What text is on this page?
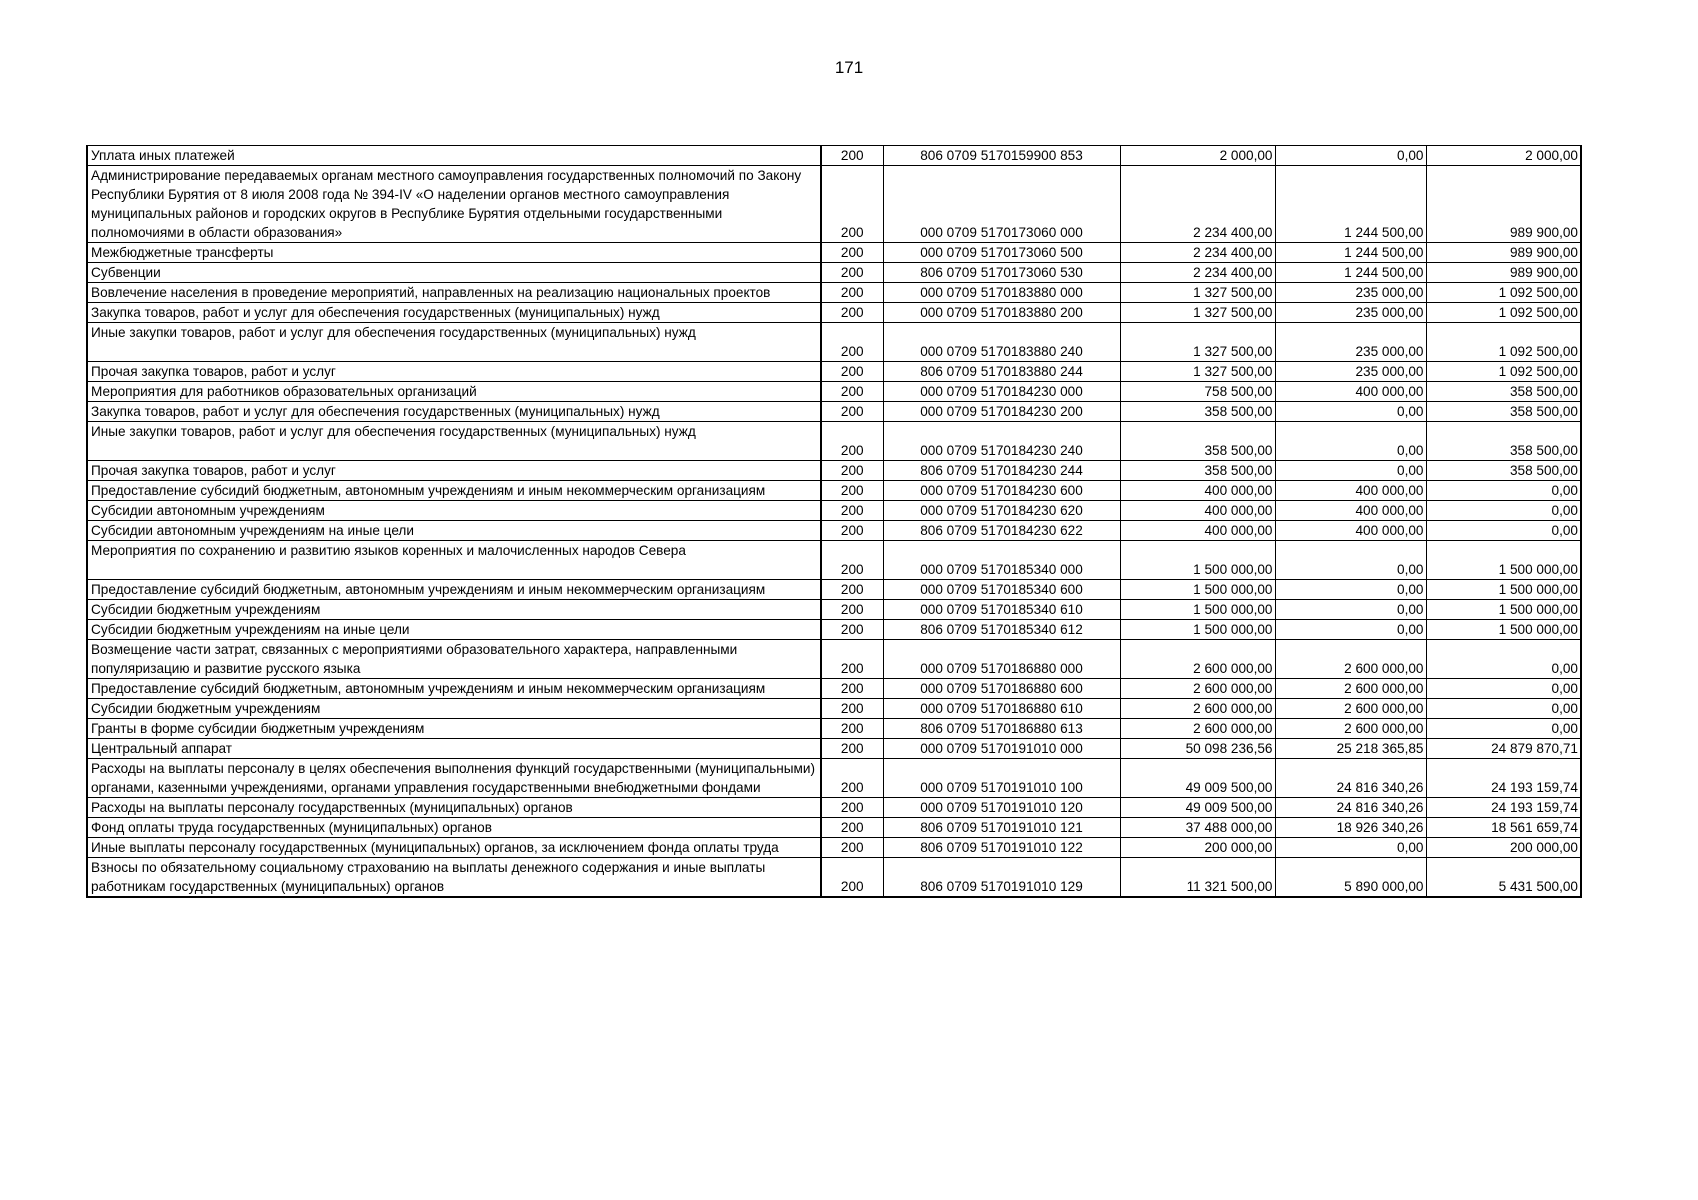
171
Уплата иных платежей	200	806 0709 5170159900 853	2 000,00	0,00	2 000,00
Администрирование передаваемых органам местного самоуправления государственных полномочий по Закону Республики Бурятия от 8 июля 2008 года № 394-IV «О наделении органов местного самоуправления муниципальных районов и городских округов в Республике Бурятия отдельными государственными полномочиями в области образования»	200	000 0709 5170173060 000	2 234 400,00	1 244 500,00	989 900,00
Межбюджетные трансферты	200	000 0709 5170173060 500	2 234 400,00	1 244 500,00	989 900,00
Субвенции	200	806 0709 5170173060 530	2 234 400,00	1 244 500,00	989 900,00
Вовлечение населения в проведение мероприятий, направленных на реализацию национальных проектов	200	000 0709 5170183880 000	1 327 500,00	235 000,00	1 092 500,00
Закупка товаров, работ и услуг для обеспечения государственных (муниципальных) нужд	200	000 0709 5170183880 200	1 327 500,00	235 000,00	1 092 500,00
Иные закупки товаров, работ и услуг для обеспечения государственных (муниципальных) нужд	200	000 0709 5170183880 240	1 327 500,00	235 000,00	1 092 500,00
Прочая закупка товаров, работ и услуг	200	806 0709 5170183880 244	1 327 500,00	235 000,00	1 092 500,00
Мероприятия для работников образовательных организаций	200	000 0709 5170184230 000	758 500,00	400 000,00	358 500,00
Закупка товаров, работ и услуг для обеспечения государственных (муниципальных) нужд	200	000 0709 5170184230 200	358 500,00	0,00	358 500,00
Иные закупки товаров, работ и услуг для обеспечения государственных (муниципальных) нужд	200	000 0709 5170184230 240	358 500,00	0,00	358 500,00
Прочая закупка товаров, работ и услуг	200	806 0709 5170184230 244	358 500,00	0,00	358 500,00
Предоставление субсидий бюджетным, автономным учреждениям и иным некоммерческим организациям	200	000 0709 5170184230 600	400 000,00	400 000,00	0,00
Субсидии автономным учреждениям	200	000 0709 5170184230 620	400 000,00	400 000,00	0,00
Субсидии автономным учреждениям на иные цели	200	806 0709 5170184230 622	400 000,00	400 000,00	0,00
Мероприятия по сохранению и развитию языков коренных и малочисленных народов Севера	200	000 0709 5170185340 000	1 500 000,00	0,00	1 500 000,00
Предоставление субсидий бюджетным, автономным учреждениям и иным некоммерческим организациям	200	000 0709 5170185340 600	1 500 000,00	0,00	1 500 000,00
Субсидии бюджетным учреждениям	200	000 0709 5170185340 610	1 500 000,00	0,00	1 500 000,00
Субсидии бюджетным учреждениям на иные цели	200	806 0709 5170185340 612	1 500 000,00	0,00	1 500 000,00
Возмещение части затрат, связанных с мероприятиями образовательного характера, направленными популяризацию и развитие русского языка	200	000 0709 5170186880 000	2 600 000,00	2 600 000,00	0,00
Предоставление субсидий бюджетным, автономным учреждениям и иным некоммерческим организациям	200	000 0709 5170186880 600	2 600 000,00	2 600 000,00	0,00
Субсидии бюджетным учреждениям	200	000 0709 5170186880 610	2 600 000,00	2 600 000,00	0,00
Гранты в форме субсидии бюджетным учреждениям	200	806 0709 5170186880 613	2 600 000,00	2 600 000,00	0,00
Центральный аппарат	200	000 0709 5170191010 000	50 098 236,56	25 218 365,85	24 879 870,71
Расходы на выплаты персоналу в целях обеспечения выполнения функций государственными (муниципальными) органами, казенными учреждениями, органами управления государственными внебюджетными фондами	200	000 0709 5170191010 100	49 009 500,00	24 816 340,26	24 193 159,74
Расходы на выплаты персоналу государственных (муниципальных) органов	200	000 0709 5170191010 120	49 009 500,00	24 816 340,26	24 193 159,74
Фонд оплаты труда государственных (муниципальных) органов	200	806 0709 5170191010 121	37 488 000,00	18 926 340,26	18 561 659,74
Иные выплаты персоналу государственных (муниципальных) органов, за исключением фонда оплаты труда	200	806 0709 5170191010 122	200 000,00	0,00	200 000,00
Взносы по обязательному социальному страхованию на выплаты денежного содержания и иные выплаты работникам государственных (муниципальных) органов	200	806 0709 5170191010 129	11 321 500,00	5 890 000,00	5 431 500,00
